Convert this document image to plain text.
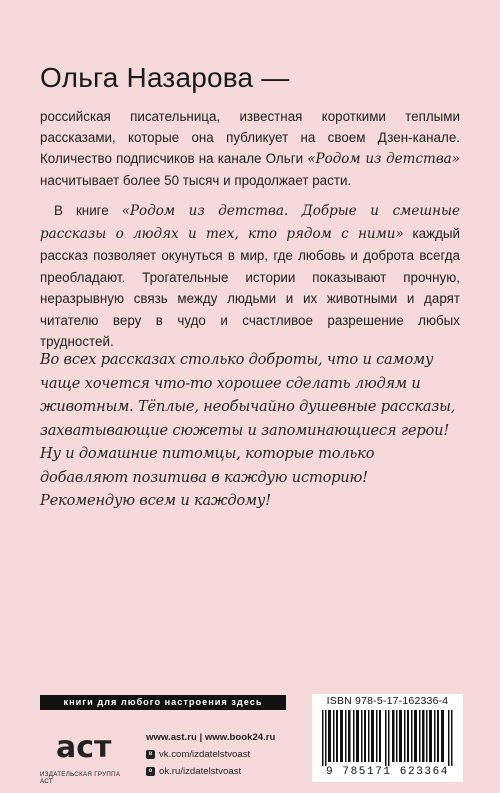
Ольга Назарова —
российская писательница, известная короткими теплыми рассказами, которые она публикует на своем Дзен-канале. Количество подписчиков на канале Ольги «Родом из детства» насчитывает более 50 тысяч и продолжает расти.
В книге «Родом из детства. Добрые и смешные рассказы о людях и тех, кто рядом с ними» каждый рассказ позволяет окунуться в мир, где любовь и доброта всегда преобладают. Трогательные истории показывают прочную, неразрывную связь между людьми и их животными и дарят читателю веру в чудо и счастливое разрешение любых трудностей.
Во всех рассказах столько доброты, что и самому чаще хочется что-то хорошее сделать людям и животным. Тёплые, необычайно душевные рассказы, захватывающие сюжеты и запоминающиеся герои! Ну и домашние питомцы, которые только добавляют позитива в каждую историю! Рекомендую всем и каждому!
книги для любого настроения здесь
аст
ИЗДАТЕЛЬСКАЯ ГРУППА АСТ
www.ast.ru | www.book24.ru
в vk.com/izdatelstvoast
о ok.ru/izdatelstvoast
ISBN 978-5-17-162336-4
9 785171 623364
